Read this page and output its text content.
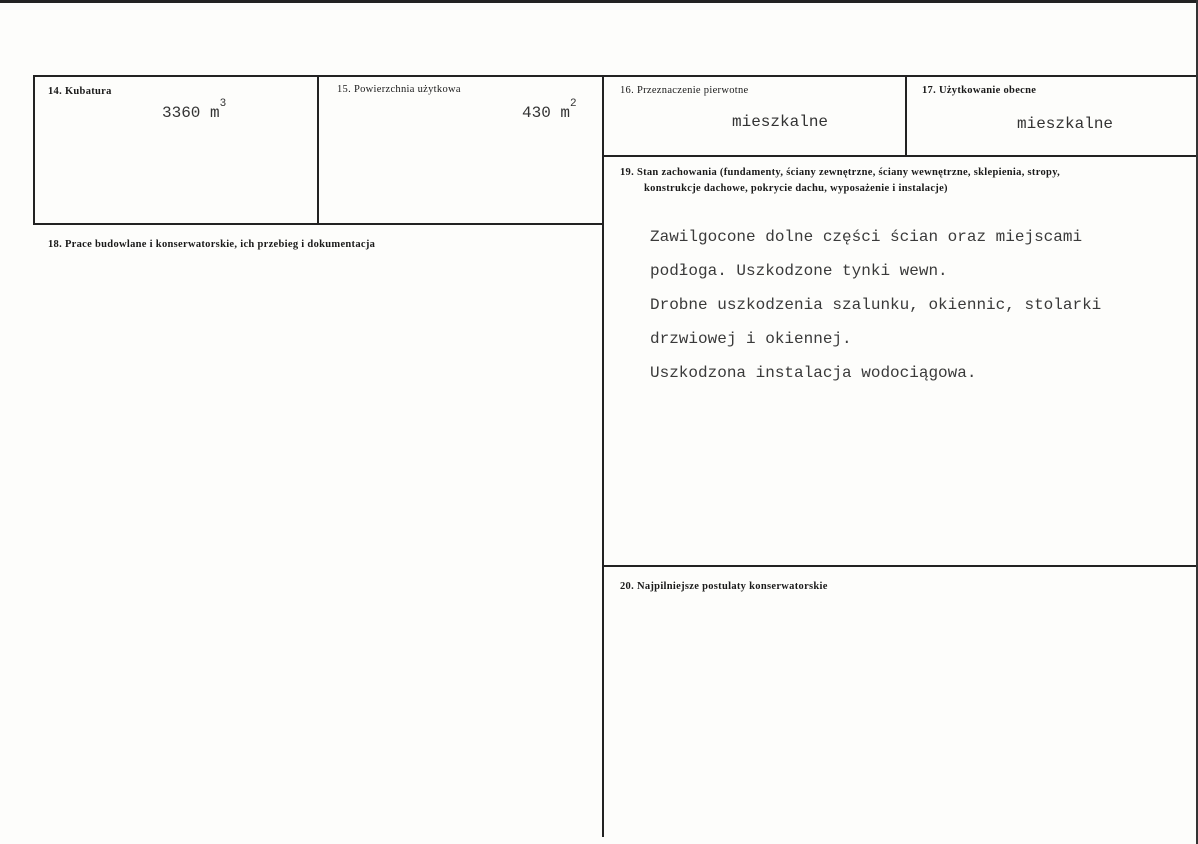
14. Kubatura
3360 $m^3$
15. Powierzchnia użytkowa
430 $m^2$
16. Przeznaczenie pierwotne
mieszkalne
17. Użytkowanie obecne
mieszkalne
18. Prace budowlane i konserwatorskie, ich przebieg i dokumentacja
19. Stan zachowania (fundamenty, ściany zewnętrzne, ściany wewnętrzne, sklepienia, stropy,
konstrukcje dachowe, pokrycie dachu, wyposażenie i instalacje)

Zawilgocone dolne części ścian oraz miejscami

podłoga. Uszkodzone tynki wewn.

Drobne uszkodzenia szalunku, okiennic, stolarki

drzwiowej i okiennej.

Uszkodzona instalacja wodociągowa.

20. Najpilniejsze postulaty konserwatorskie
